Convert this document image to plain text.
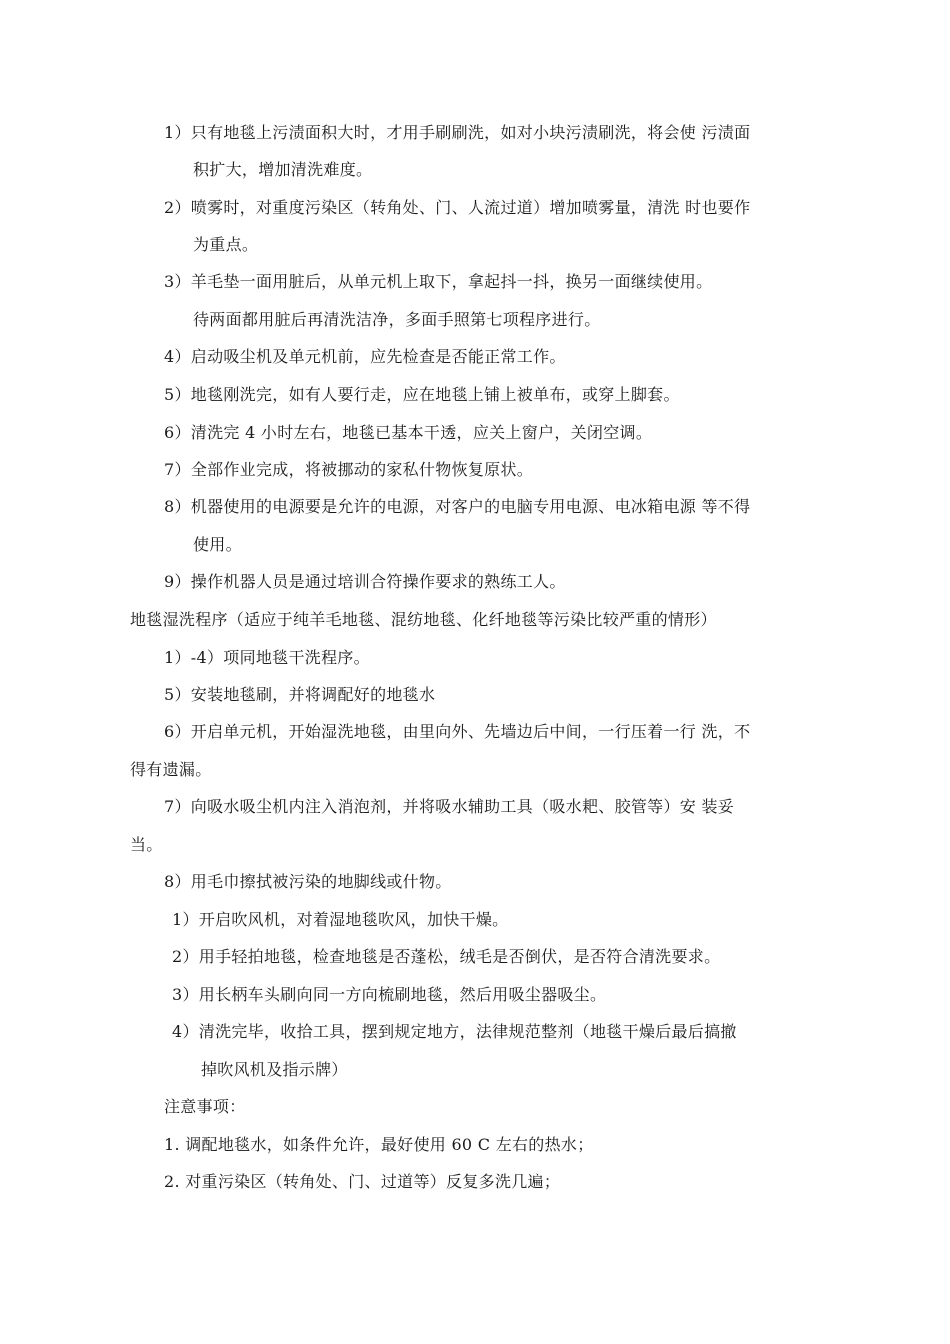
1）只有地毯上污渍面积大时，才用手刷刷洗，如对小块污渍刷洗，将会使 污渍面
积扩大，增加清洗难度。
2）喷雾时，对重度污染区（转角处、门、人流过道）增加喷雾量，清洗 时也要作
为重点。
3）羊毛垫一面用脏后，从单元机上取下，拿起抖一抖，换另一面继续使用。
待两面都用脏后再清洗洁净，多面手照第七项程序进行。
4）启动吸尘机及单元机前，应先检查是否能正常工作。
5）地毯刚洗完，如有人要行走，应在地毯上铺上被单布，或穿上脚套。
6）清洗完 4 小时左右，地毯已基本干透，应关上窗户，关闭空调。
7）全部作业完成，将被挪动的家私什物恢复原状。
8）机器使用的电源要是允许的电源，对客户的电脑专用电源、电冰箱电源 等不得
使用。
9）操作机器人员是通过培训合符操作要求的熟练工人。
地毯湿洗程序（适应于纯羊毛地毯、混纺地毯、化纤地毯等污染比较严重的情形）
1）-4）项同地毯干洗程序。
5）安装地毯刷，并将调配好的地毯水
6）开启单元机，开始湿洗地毯，由里向外、先墙边后中间，一行压着一行 洗，不
得有遗漏。
7）向吸水吸尘机内注入消泡剂，并将吸水辅助工具（吸水耙、胶管等）安 装妥
当。
8）用毛巾擦拭被污染的地脚线或什物。
1）开启吹风机，对着湿地毯吹风，加快干燥。
2）用手轻拍地毯，检查地毯是否蓬松，绒毛是否倒伏，是否符合清洗要求。
3）用长柄车头刷向同一方向梳刷地毯，然后用吸尘器吸尘。
4）清洗完毕，收拾工具，摆到规定地方，法律规范整剂（地毯干燥后最后搞撤
掉吹风机及指示牌）
注意事项：
1. 调配地毯水，如条件允许，最好使用 60 C 左右的热水；
2. 对重污染区（转角处、门、过道等）反复多洗几遍；
